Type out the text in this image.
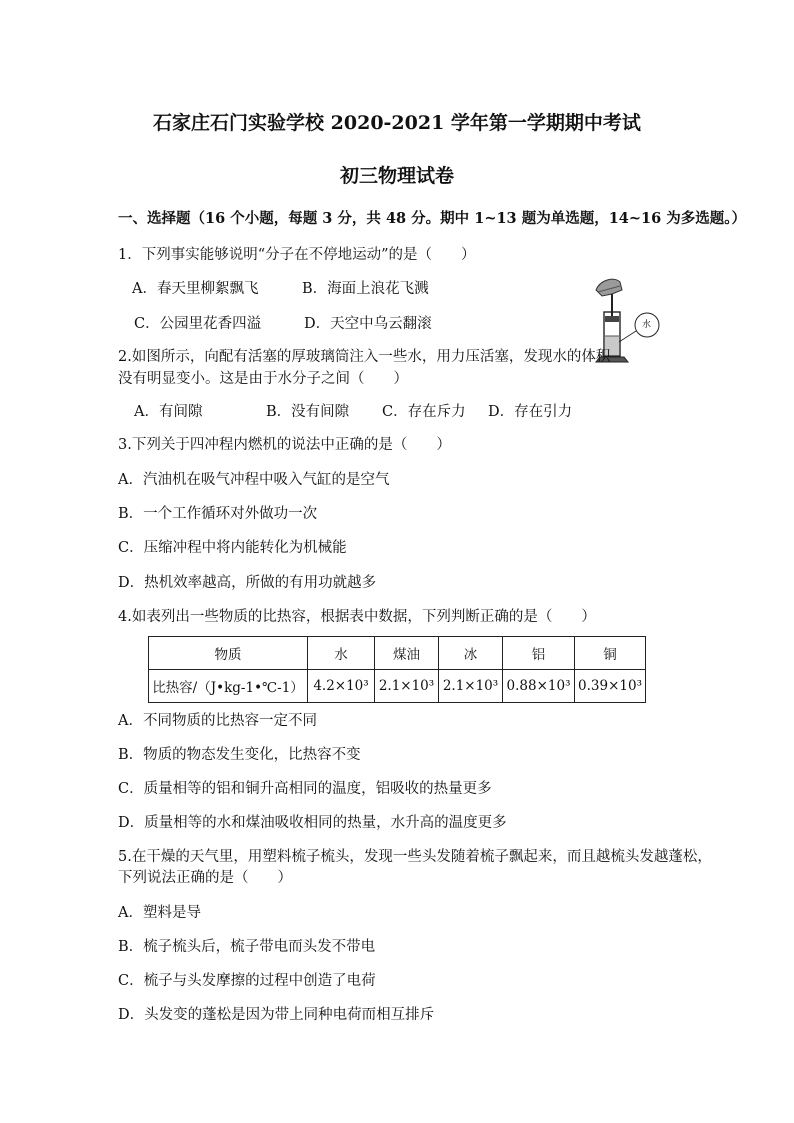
石家庄石门实验学校 2020-2021 学年第一学期期中考试
初三物理试卷
一、选择题（16 个小题，每题 3 分，共 48 分。期中 1~13 题为单选题，14~16 为多选题。）
1．下列事实能够说明“分子在不停地运动”的是（　　）
A．春天里柳絮飘飞	B．海面上浪花飞溅
C．公园里花香四溢	D．天空中乌云翻滚	水
2.如图所示，向配有活塞的厚玻璃筒注入一些水，用力压活塞，发现水的体积
没有明显变小。这是由于水分子之间（　　）
A．有间隙	B．没有间隙 C．存在斥力 D．存在引力
3.下列关于四冲程内燃机的说法中正确的是（　　）
A．汽油机在吸气冲程中吸入气缸的是空气
B．一个工作循环对外做功一次
C．压缩冲程中将内能转化为机械能
D．热机效率越高，所做的有用功就越多
4.如表列出一些物质的比热容，根据表中数据，下列判断正确的是（　　）
物质	水	煤油	冰	铝	铜
比热容/（J•kg-1•℃-1）	4.2×10³	2.1×10³	2.1×10³	0.88×10³	0.39×10³
A．不同物质的比热容一定不同
B．物质的物态发生变化，比热容不变
C．质量相等的铝和铜升高相同的温度，铝吸收的热量更多
D．质量相等的水和煤油吸收相同的热量，水升高的温度更多
5.在干燥的天气里，用塑料梳子梳头，发现一些头发随着梳子飘起来，而且越梳头发越蓬松，
下列说法正确的是（　　）
A．塑料是导
B．梳子梳头后，梳子带电而头发不带电
C．梳子与头发摩擦的过程中创造了电荷
D．头发变的蓬松是因为带上同种电荷而相互排斥
